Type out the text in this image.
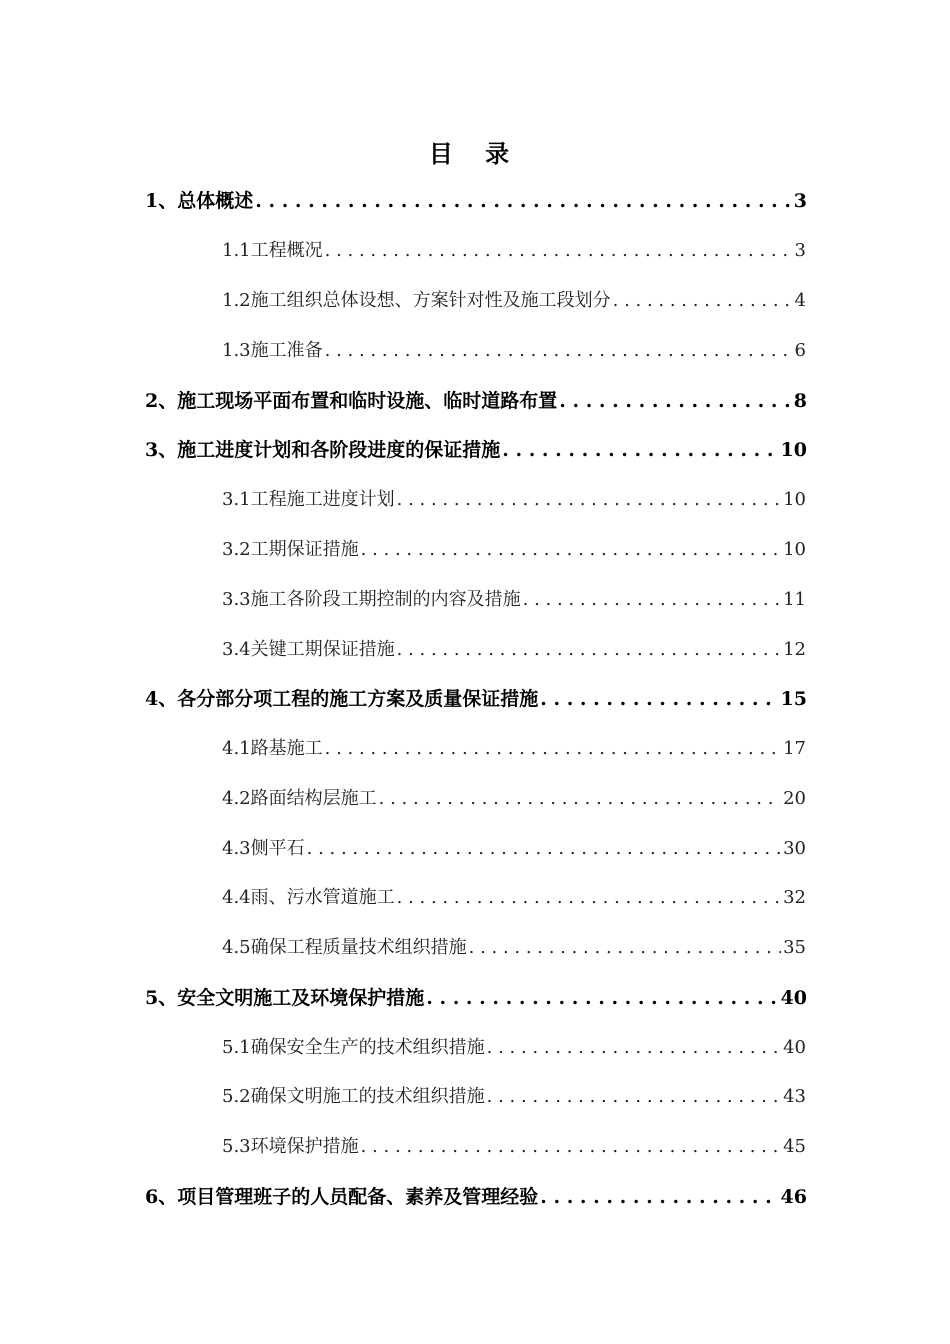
目 录
1、总体概述 . . .	3
1.1工程概况 . . .	3
1.2施工组织总体设想、方案针对性及施工段划分 . . .	4
1.3施工准备 . . .	6
2、施工现场平面布置和临时设施、临时道路布置 . . .	8
3、施工进度计划和各阶段进度的保证措施 . . .	10
3.1工程施工进度计划 . . .	10
3.2工期保证措施 . . .	10
3.3施工各阶段工期控制的内容及措施 . . .	11
3.4关键工期保证措施 . . .	12
4、各分部分项工程的施工方案及质量保证措施 . . .	15
4.1路基施工 . . .	17
4.2路面结构层施工 . . .	20
4.3侧平石 . . .	30
4.4雨、污水管道施工 . . .	32
4.5确保工程质量技术组织措施 . . .	35
5、安全文明施工及环境保护措施 . . .	40
5.1确保安全生产的技术组织措施 . . .	40
5.2确保文明施工的技术组织措施 . . .	43
5.3环境保护措施 . . .	45
6、项目管理班子的人员配备、素养及管理经验 . . .	46
